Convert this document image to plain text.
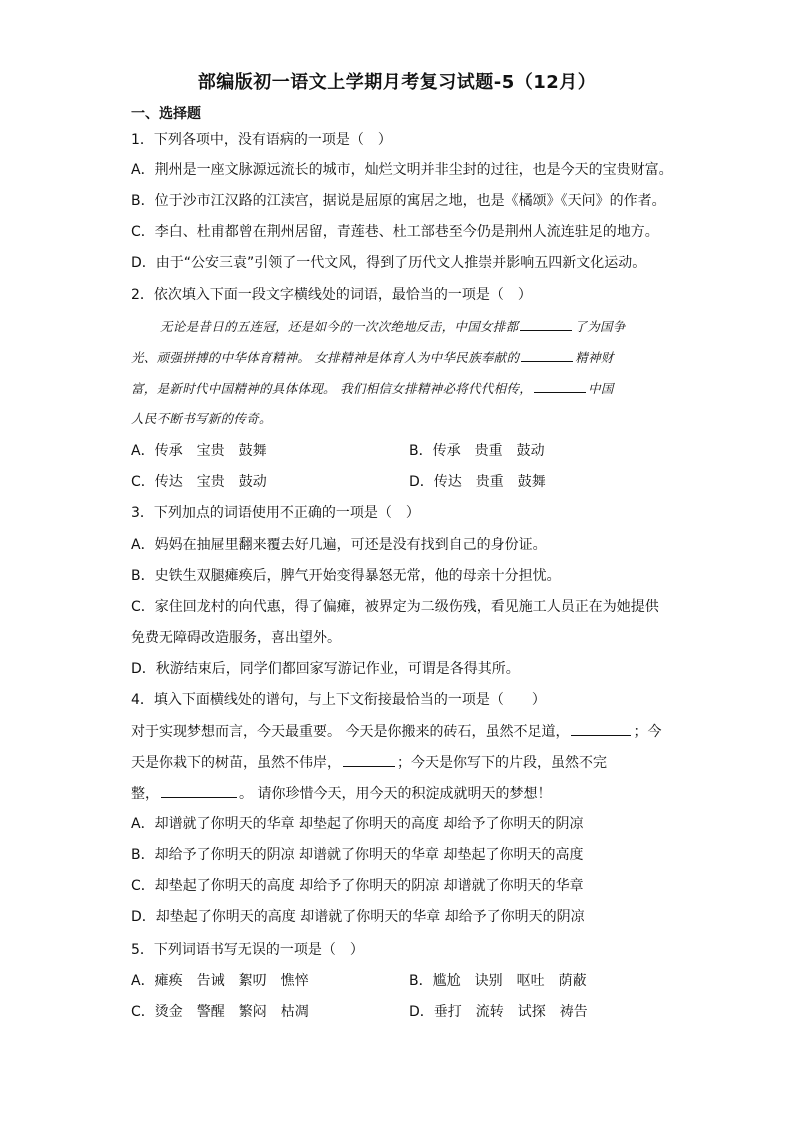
部编版初一语文上学期月考复习试题-5（12月）
一、选择题
1．下列各项中，没有语病的一项是（　）
A．荆州是一座文脉源远流长的城市，灿烂文明并非尘封的过往，也是今天的宝贵财富。
B．位于沙市江汉路的江渎宫，据说是屈原的寓居之地，也是《橘颂》《天问》的作者。
C．李白、杜甫都曾在荆州居留，青莲巷、杜工部巷至今仍是荆州人流连驻足的地方。
D．由于“公安三袁”引领了一代文风，得到了历代文人推崇并影响五四新文化运动。
2．依次填入下面一段文字横线处的词语，最恰当的一项是（　）
无论是昔日的五连冠，还是如今的一次次绝地反击，中国女排都	了为国争
光、顽强拼搏的中华体育精神。 女排精神是体育人为中华民族奉献的	精神财
富，是新时代中国精神的具体体现。 我们相信女排精神必将代代相传，	中国
人民不断书写新的传奇。
A．传承　宝贵　鼓舞	B．传承　贵重　鼓动
C．传达　宝贵　鼓动	D．传达　贵重　鼓舞
3．下列加点的词语使用不正确的一项是（　）
A．妈妈在抽屉里翻来覆去好几遍，可还是没有找到自己的身份证。
B．史铁生双腿瘫痪后，脾气开始变得暴怒无常，他的母亲十分担忧。
C．家住回龙村的向代惠，得了偏瘫，被界定为二级伤残，看见施工人员正在为她提供
免费无障碍改造服务，喜出望外。
D．秋游结束后，同学们都回家写游记作业，可谓是各得其所。
4．填入下面横线处的谱句，与上下文衔接最恰当的一项是（　　）
对于实现梦想而言，今天最重要。 今天是你搬来的砖石，虽然不足道，	；今
天是你栽下的树苗，虽然不伟岸，	；今天是你写下的片段，虽然不完
整，	。 请你珍惜今天，用今天的积淀成就明天的梦想！
A．却谱就了你明天的华章 却垫起了你明天的高度 却给予了你明天的阴凉
B．却给予了你明天的阴凉 却谱就了你明天的华章 却垫起了你明天的高度
C．却垫起了你明天的高度 却给予了你明天的阴凉 却谱就了你明天的华章
D．却垫起了你明天的高度 却谱就了你明天的华章 却给予了你明天的阴凉
5．下列词语书写无误的一项是（　）
A．瘫痪　告诫　絮叨　憔悴	B．尴尬　诀别　呕吐　荫蔽
C．烫金　警醒　繁闷　枯凋	D．垂打　流转　试探　祷告
